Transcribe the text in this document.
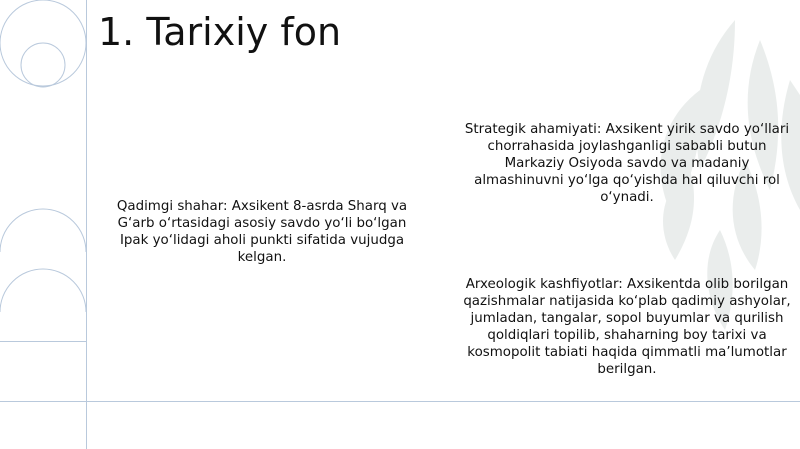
1. Tarixiy fon

Qadimgi shahar: Axsikent 8-asrda Sharq va G‘arb o‘rtasidagi asosiy savdo yo‘li bo‘lgan Ipak yo‘lidagi aholi punkti sifatida vujudga kelgan.

Strategik ahamiyati: Axsikent yirik savdo yo‘llari chorrahasida joylashganligi sababli butun Markaziy Osiyoda savdo va madaniy almashinuvni yo‘lga qo‘yishda hal qiluvchi rol o‘ynadi.

Arxeologik kashfiyotlar: Axsikentda olib borilgan qazishmalar natijasida ko‘plab qadimiy ashyolar, jumladan, tangalar, sopol buyumlar va qurilish qoldiqlari topilib, shaharning boy tarixi va kosmopolit tabiati haqida qimmatli ma’lumotlar berilgan.
